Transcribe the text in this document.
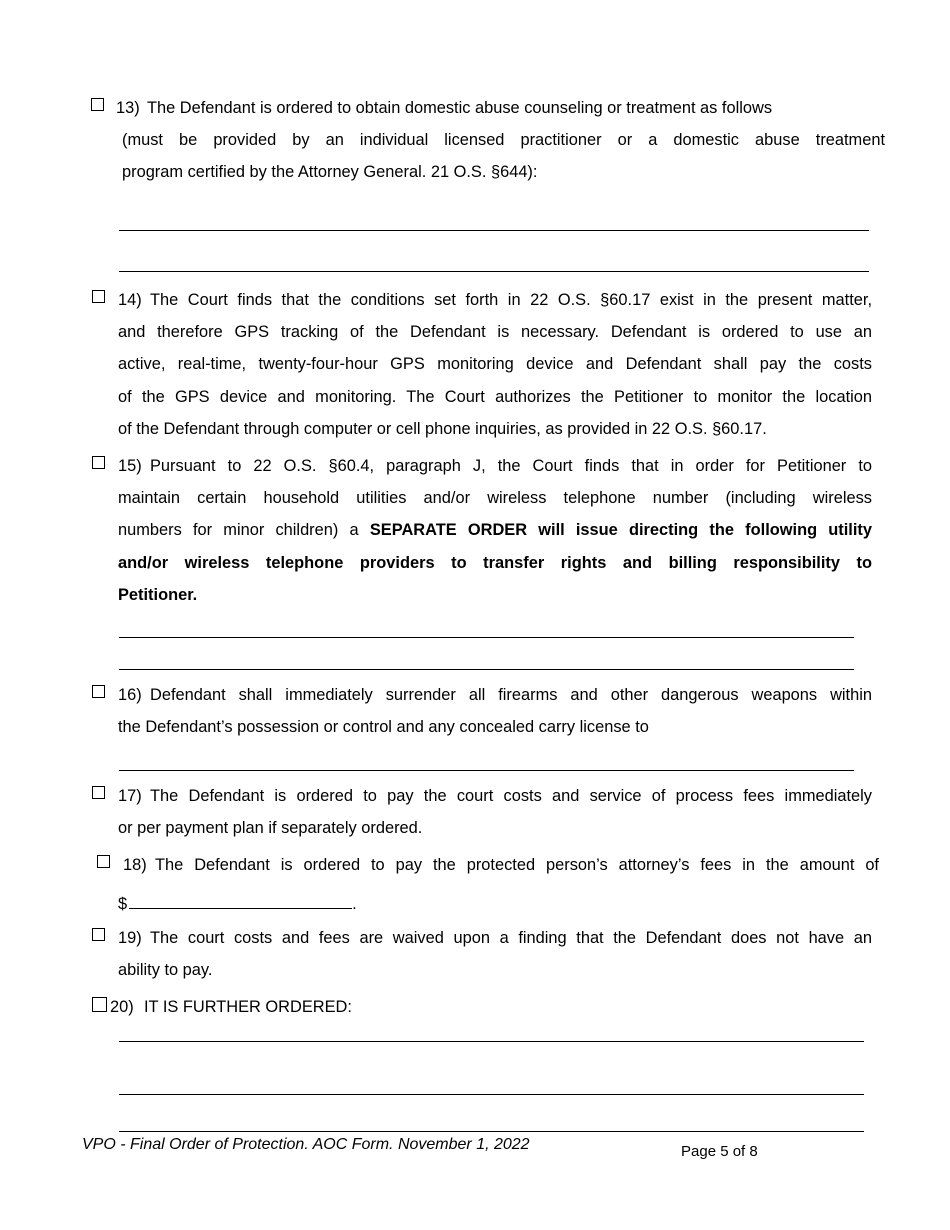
13) The Defendant is ordered to obtain domestic abuse counseling or treatment as follows
(must be provided by an individual licensed practitioner or a domestic abuse treatment
program certified by the Attorney General. 21 O.S. §644):
14) The Court finds that the conditions set forth in 22 O.S. §60.17 exist in the present matter,
and therefore GPS tracking of the Defendant is necessary. Defendant is ordered to use an
active, real-time, twenty-four-hour GPS monitoring device and Defendant shall pay the costs
of the GPS device and monitoring. The Court authorizes the Petitioner to monitor the location
of the Defendant through computer or cell phone inquiries, as provided in 22 O.S. §60.17.
15) Pursuant to 22 O.S. §60.4, paragraph J, the Court finds that in order for Petitioner to
maintain certain household utilities and/or wireless telephone number (including wireless
numbers for minor children) a SEPARATE ORDER will issue directing the following utility
and/or wireless telephone providers to transfer rights and billing responsibility to
Petitioner.
16) Defendant shall immediately surrender all firearms and other dangerous weapons within
the Defendant’s possession or control and any concealed carry license to
17) The Defendant is ordered to pay the court costs and service of process fees immediately
or per payment plan if separately ordered.
18) The Defendant is ordered to pay the protected person’s attorney’s fees in the amount of
$	.
19) The court costs and fees are waived upon a finding that the Defendant does not have an
ability to pay.
20) IT IS FURTHER ORDERED:
VPO - Final Order of Protection. AOC Form. November 1, 2022	Page 5 of 8
